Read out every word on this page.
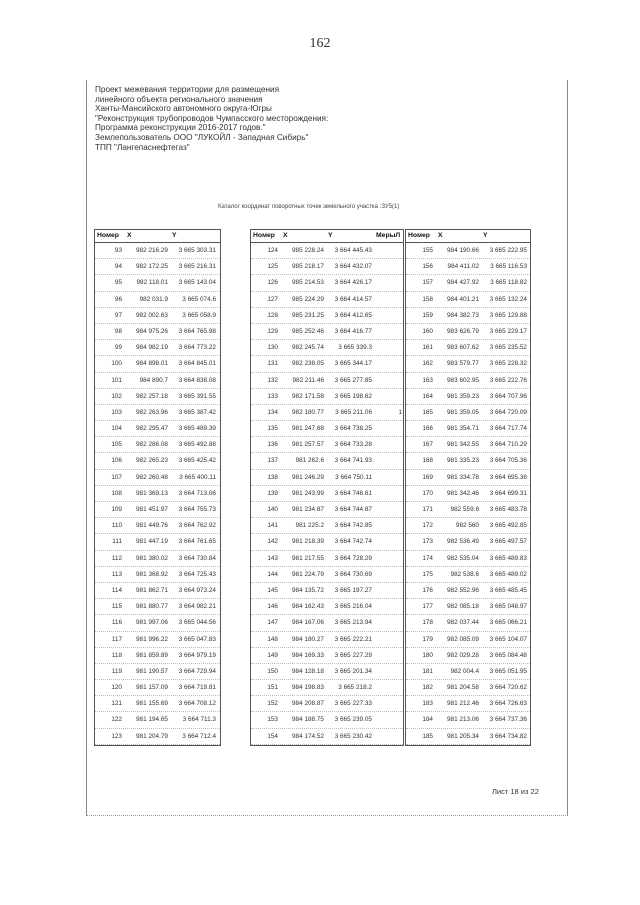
162
Проект межевания территории для размещения
линейного объекта регионального значения
Ханты-Мансийского автономного округа-Югры
"Реконструкция трубопроводов Чумпасского месторождения:
Программа реконструкции 2016-2017 годов."
Землепользователь ООО "ЛУКОЙЛ - Западная Сибирь"
ТПП "Лангепаснефтегаз"
Каталог координат поворотных точек земельного участка :ЗУ5(1)
Номер	X	Y
93	982 216.29	3 665 303.31
94	982 172.25	3 665 216.31
95	982 118.01	3 665 143.04
96	982 031.9	3 665 074.6
97	982 002.63	3 665 058.9
98	984 975.26	3 664 765.98
99	984 982.19	3 664 773.22
100	984 898.01	3 664 845.01
101	984 890.7	3 664 838.08
102	982 257.18	3 665 391.55
103	982 263.96	3 665 387.42
104	982 295.47	3 665 489.39
105	982 286.08	3 665 492.88
106	982 265.23	3 665 425.42
107	982 260.48	3 665 400.11
108	981 369.13	3 664 713.06
109	981 451.97	3 664 755.73
110	981 449.76	3 664 762.92
111	981 447.19	3 664 761.65
112	981 380.02	3 664 730.84
113	981 368.92	3 664 725.43
114	981 862.71	3 664 973.24
115	981 880.77	3 664 982.21
116	981 997.06	3 665 044.56
117	981 996.22	3 665 047.83
118	981 859.89	3 664 979.19
119	981 190.57	3 664 729.94
120	981 157.09	3 664 719.81
121	981 155.69	3 664 708.12
122	981 194.65	3 664 711.3
123	981 204.79	3 664 712.4
Номер	X	Y	МерыЛ
124	985 228.24	3 664 445.43
125	985 218.17	3 664 432.07
126	985 214.53	3 664 426.17
127	985 224.29	3 664 414.57
128	985 231.25	3 664 412.65
129	985 252.46	3 664 416.77
130	982 245.74	3 665 339.3
131	982 238.05	3 665 344.17
132	982 211.46	3 665 277.85
133	982 171.58	3 665 198.62
134	982 180.77	3 665 211.06	1
135	981 247.68	3 664 738.25
136	981 257.57	3 664 733.28
137	981 262.6	3 664 741.93
138	981 246.29	3 664 750.11
139	981 243.99	3 664 748.61
140	981 234.87	3 664 744.87
141	981 225.2	3 664 742.85
142	981 218.39	3 664 742.74
143	981 217.55	3 664 728.29
144	981 224.79	3 664 730.69
145	984 135.72	3 665 197.27
146	984 162.43	3 665 216.04
147	984 167.06	3 665 213.94
148	984 180.27	3 665 222.21
149	984 169.33	3 665 227.29
150	984 128.18	3 665 201.34
151	984 198.83	3 665 218.2
152	984 208.87	3 665 227.33
153	984 188.75	3 665 239.05
154	984 174.52	3 665 230.42
Номер	X	Y
155	984 190.66	3 665 222.95
156	984 411.02	3 665 116.53
157	984 427.92	3 665 118.82
158	984 401.21	3 665 132.24
159	984 382.73	3 665 129.88
160	983 626.79	3 665 229.17
161	983 607.62	3 665 235.52
162	983 579.77	3 665 228.32
163	983 602.95	3 665 222.76
164	981 359.23	3 664 707.96
165	981 359.05	3 664 720.09
166	981 354.71	3 664 717.74
167	981 342.55	3 664 710.29
168	981 335.23	3 664 705.36
169	981 334.78	3 664 695.36
170	981 342.46	3 664 699.31
171	982 559.6	3 665 483.78
172	982 560	3 665 492.85
173	982 536.49	3 665 497.57
174	982 535.04	3 665 489.83
175	982 538.6	3 665 489.02
176	982 552.96	3 665 485.45
177	982 085.18	3 665 048.97
178	982 037.44	3 665 066.21
179	982 085.09	3 665 104.07
180	982 029.28	3 665 084.48
181	982 004.4	3 665 051.95
182	981 204.58	3 664 720.62
183	981 212.46	3 664 726.63
184	981 213.06	3 664 737.36
185	981 205.34	3 664 734.82
Лист 18 из 22
